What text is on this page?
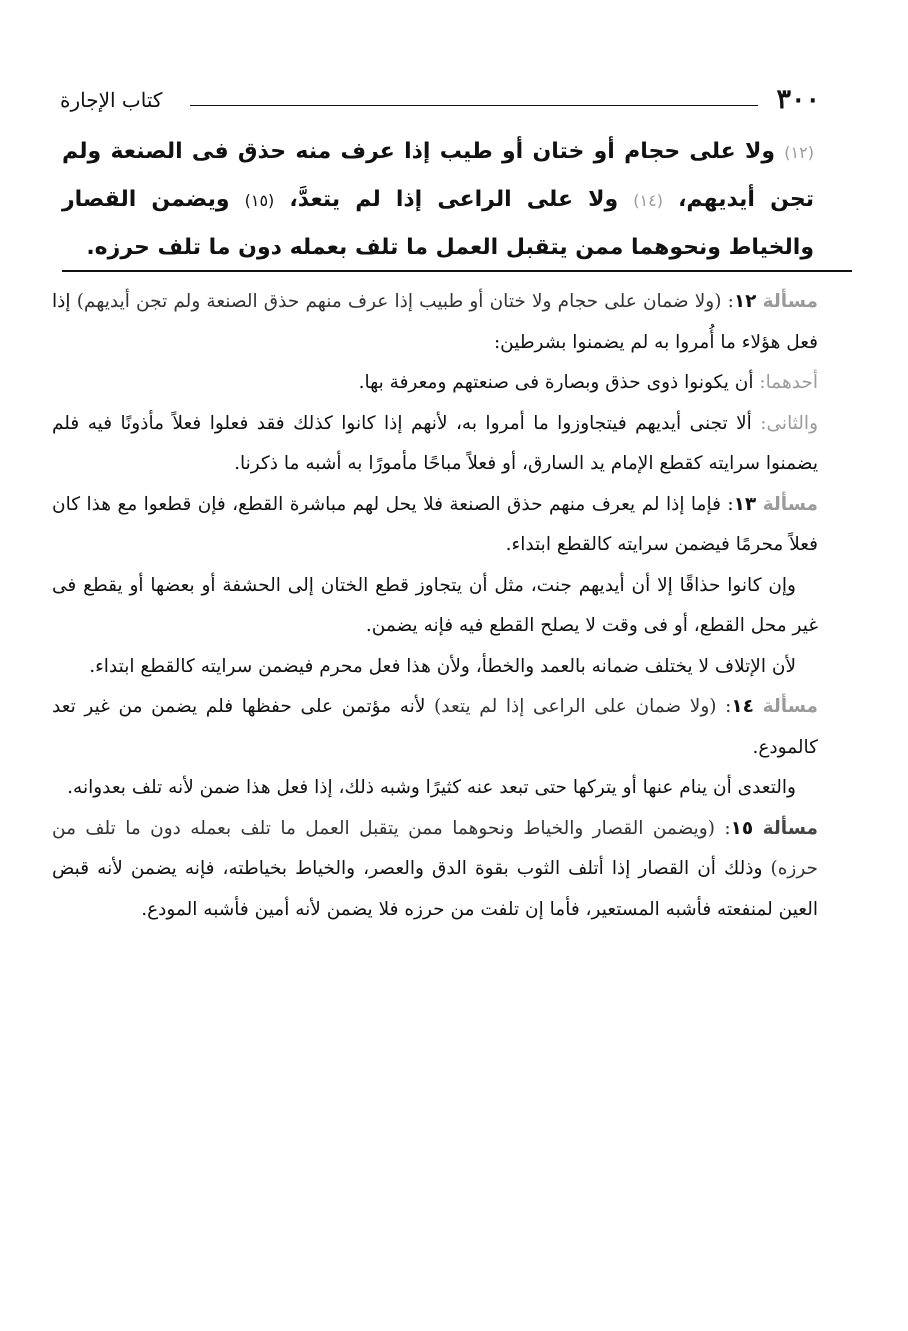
٣٠٠
كتاب الإجارة

(١٢) ولا على حجام أو ختان أو طيب إذا عرف منه حذق فى الصنعة ولم تجن أيديهم، (١٤) ولا على الراعى إذا لم يتعدَّ، (١٥) ويضمن القصار والخياط ونحوهما ممن يتقبل العمل ما تلف بعمله دون ما تلف حرزه.

مسألة ١٢: (ولا ضمان على حجام ولا ختان أو طبيب إذا عرف منهم حذق الصنعة ولم تجن أيديهم) إذا فعل هؤلاء ما أُمروا به لم يضمنوا بشرطين:

أحدهما: أن يكونوا ذوى حذق وبصارة فى صنعتهم ومعرفة بها.

والثانى: ألا تجنى أيديهم فيتجاوزوا ما أمروا به، لأنهم إذا كانوا كذلك فقد فعلوا فعلاً مأذونًا فيه فلم يضمنوا سرايته كقطع الإمام يد السارق، أو فعلاً مباحًا مأمورًا به أشبه ما ذكرنا.

مسألة ١٣: فإما إذا لم يعرف منهم حذق الصنعة فلا يحل لهم مباشرة القطع، فإن قطعوا مع هذا كان فعلاً محرمًا فيضمن سرايته كالقطع ابتداء.

وإن كانوا حذاقًا إلا أن أيديهم جنت، مثل أن يتجاوز قطع الختان إلى الحشفة أو بعضها أو يقطع فى غير محل القطع، أو فى وقت لا يصلح القطع فيه فإنه يضمن.

لأن الإتلاف لا يختلف ضمانه بالعمد والخطأ، ولأن هذا فعل محرم فيضمن سرايته كالقطع ابتداء.

مسألة ١٤: (ولا ضمان على الراعى إذا لم يتعد) لأنه مؤتمن على حفظها فلم يضمن من غير تعد كالمودع.

والتعدى أن ينام عنها أو يتركها حتى تبعد عنه كثيرًا وشبه ذلك، إذا فعل هذا ضمن لأنه تلف بعدوانه.

مسألة ١٥: (ويضمن القصار والخياط ونحوهما ممن يتقبل العمل ما تلف بعمله دون ما تلف من حرزه) وذلك أن القصار إذا أتلف الثوب بقوة الدق والعصر، والخياط بخياطته، فإنه يضمن لأنه قبض العين لمنفعته فأشبه المستعير، فأما إن تلفت من حرزه فلا يضمن لأنه أمين فأشبه المودع.
